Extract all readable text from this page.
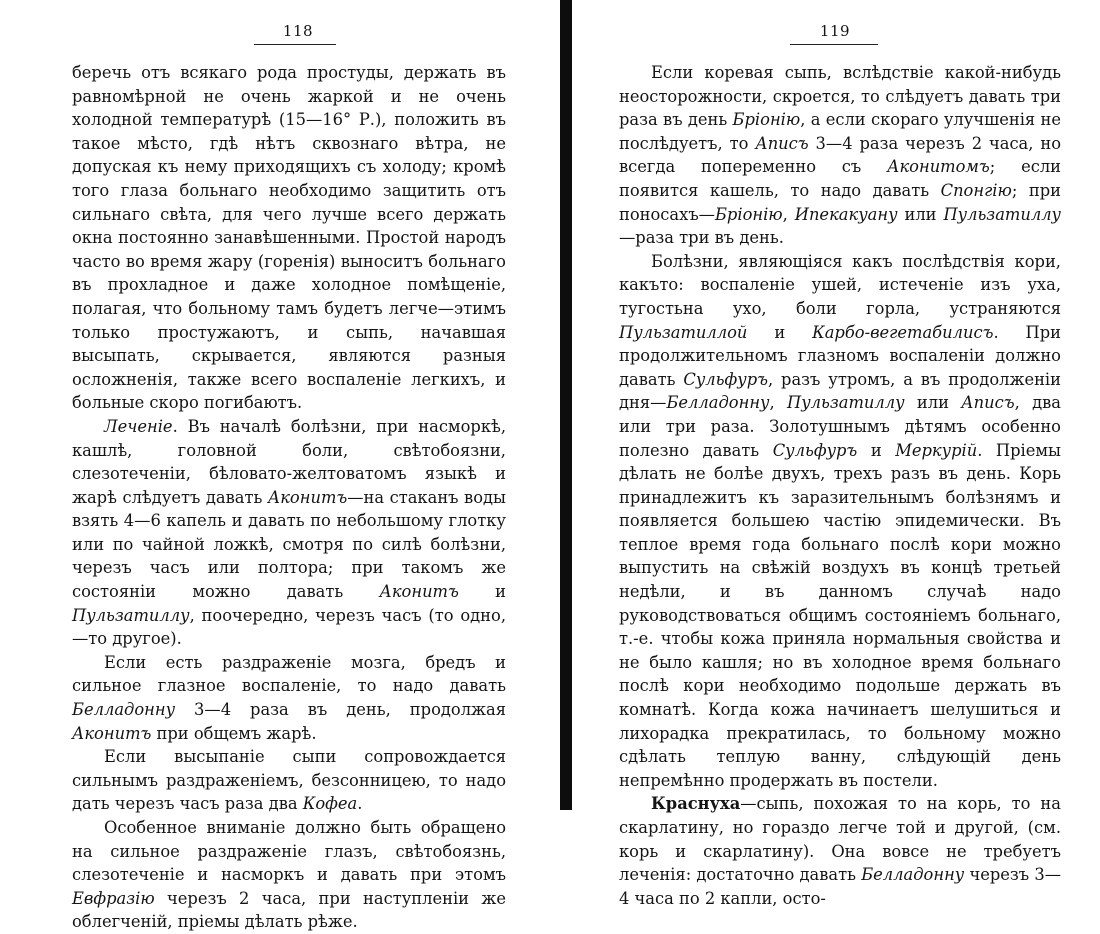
118

беречь отъ всякаго рода простуды, держать въ равномѣрной не очень жаркой и не очень холодной температурѣ (15—16° Р.), положить въ такое мѣсто, гдѣ нѣтъ сквознаго вѣтра, не допуская къ нему приходящихъ съ холоду; кромѣ того глаза больнаго необходимо защитить отъ сильнаго свѣта, для чего лучше всего держать окна постоянно занавѣшенными. Простой народъ часто во время жару (горенія) выноситъ больнаго въ прохладное и даже холодное помѣщеніе, полагая, что больному тамъ будетъ легче—этимъ только простужаютъ, и сыпь, начавшая высыпать, скрывается, являются разныя осложненія, также всего воспаленіе легкихъ, и больные скоро погибаютъ.

Леченіе. Въ началѣ болѣзни, при насморкѣ, кашлѣ, головной боли, свѣтобоязни, слезотеченіи, бѣловато-желтоватомъ языкѣ и жарѣ слѣдуетъ давать Аконитъ—на стаканъ воды взять 4—6 капель и давать по небольшому глотку или по чайной ложкѣ, смотря по силѣ болѣзни, черезъ часъ или полтора; при такомъ же состояніи можно давать Аконитъ и Пульзатиллу, поочередно, черезъ часъ (то одно,—то другое).

Если есть раздраженіе мозга, бредъ и сильное глазное воспаленіе, то надо давать Белладонну 3—4 раза въ день, продолжая Аконитъ при общемъ жарѣ.

Если высыпаніе сыпи сопровождается сильнымъ раздраженіемъ, безсонницею, то надо дать черезъ часъ раза два Кофеа.

Особенное вниманіе должно быть обращено на сильное раздраженіе глазъ, свѣтобоязнь, слезотеченіе и насморкъ и давать при этомъ Евфразію черезъ 2 часа, при наступленіи же облегченій, пріемы дѣлать рѣже.

119

Если коревая сыпь, вслѣдствіе какой-нибудь неосторожности, скроется, то слѣдуетъ давать три раза въ день Бріонію, а если скораго улучшенія не послѣдуетъ, то Аписъ 3—4 раза черезъ 2 часа, но всегда попеременно съ Аконитомъ; если появится кашель, то надо давать Спонгію; при поносахъ—Бріонію, Ипекакуану или Пульзатиллу—раза три въ день.

Болѣзни, являющіяся какъ послѣдствія кори, какъто: воспаленіе ушей, истеченіе изъ уха, тугостьна ухо, боли горла, устраняются Пульзатиллой и Карбо-вегетабилисъ. При продолжительномъ глазномъ воспаленіи должно давать Сульфуръ, разъ утромъ, а въ продолженіи дня—Белладонну, Пульзатиллу или Аписъ, два или три раза. Золотушнымъ дѣтямъ особенно полезно давать Сульфуръ и Меркурій. Пріемы дѣлать не болѣе двухъ, трехъ разъ въ день. Корь принадлежитъ къ заразительнымъ болѣзнямъ и появляется большею частію эпидемически. Въ теплое время года больнаго послѣ кори можно выпустить на свѣжій воздухъ въ концѣ третьей недѣли, и въ данномъ случаѣ надо руководствоваться общимъ состояніемъ больнаго, т.-е. чтобы кожа приняла нормальныя свойства и не было кашля; но въ холодное время больнаго послѣ кори необходимо подольше держать въ комнатѣ. Когда кожа начинаетъ шелушиться и лихорадка прекратилась, то больному можно сдѣлать теплую ванну, слѣдующій день непремѣнно продержать въ постели.

Краснуха—сыпь, похожая то на корь, то на скарлатину, но гораздо легче той и другой, (см. корь и скарлатину). Она вовсе не требуетъ леченія: достаточно давать Белладонну черезъ 3—4 часа по 2 капли, осто-
